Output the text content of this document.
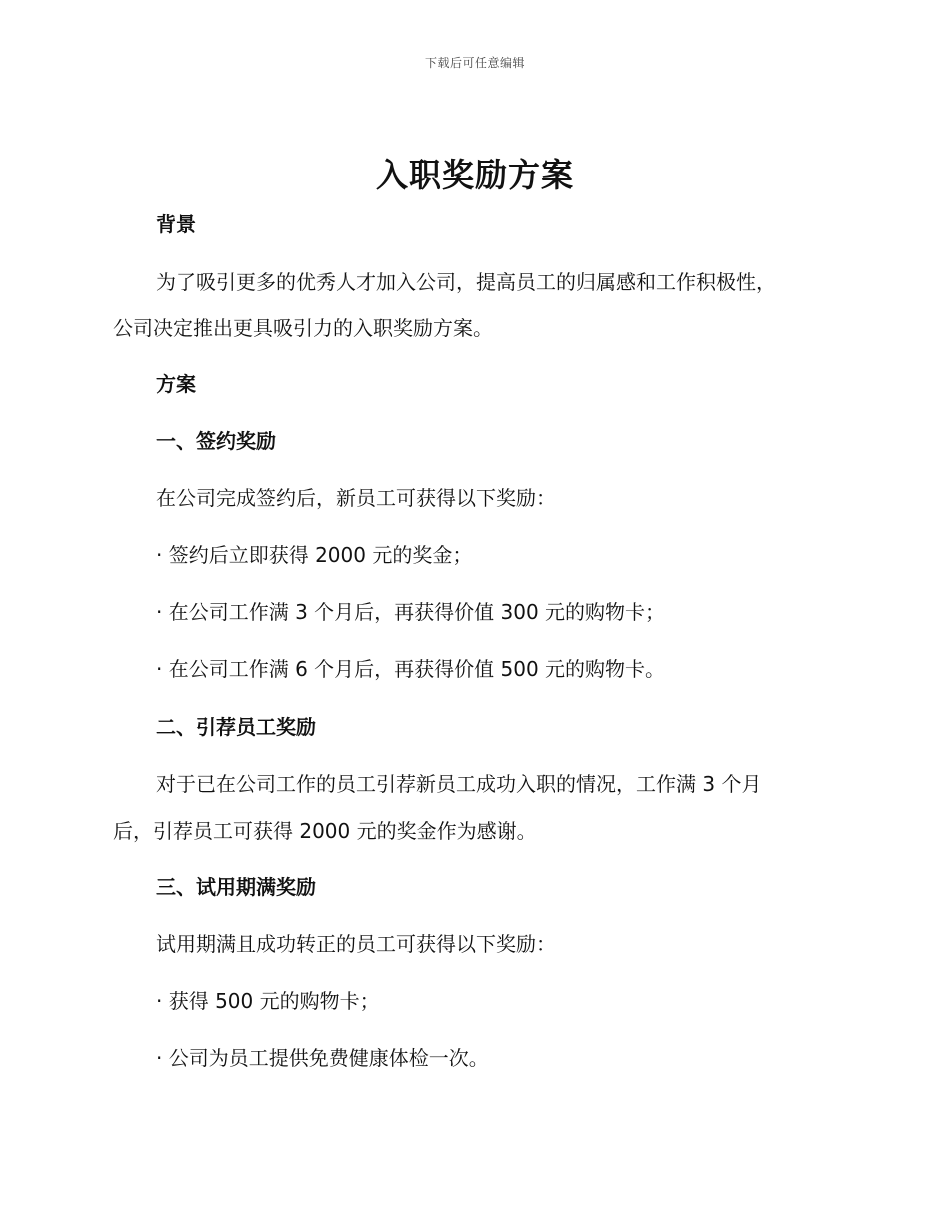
下载后可任意编辑
入职奖励方案
背景
为了吸引更多的优秀人才加入公司，提高员工的归属感和工作积极性，
公司决定推出更具吸引力的入职奖励方案。
方案
一、签约奖励
在公司完成签约后，新员工可获得以下奖励：
· 签约后立即获得 2000 元的奖金；
· 在公司工作满 3 个月后，再获得价值 300 元的购物卡；
· 在公司工作满 6 个月后，再获得价值 500 元的购物卡。
二、引荐员工奖励
对于已在公司工作的员工引荐新员工成功入职的情况，工作满 3 个月
后，引荐员工可获得 2000 元的奖金作为感谢。
三、试用期满奖励
试用期满且成功转正的员工可获得以下奖励：
· 获得 500 元的购物卡；
· 公司为员工提供免费健康体检一次。
